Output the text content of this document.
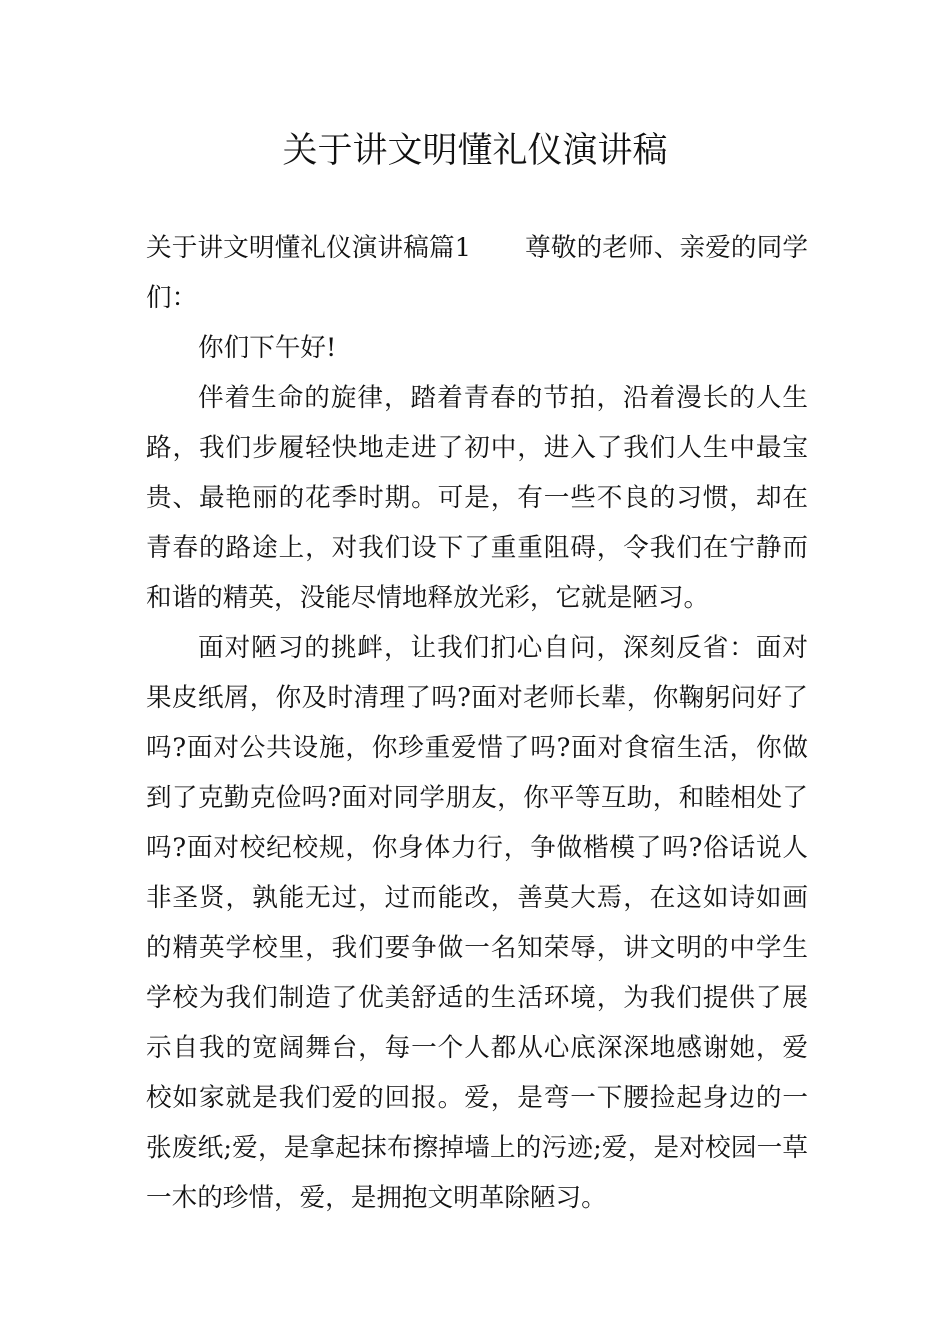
关于讲文明懂礼仪演讲稿

关于讲文明懂礼仪演讲稿篇1 尊敬的老师、亲爱的同学们：

你们下午好!

伴着生命的旋律，踏着青春的节拍，沿着漫长的人生路，我们步履轻快地走进了初中，进入了我们人生中最宝贵、最艳丽的花季时期。可是，有一些不良的习惯，却在青春的路途上，对我们设下了重重阻碍，令我们在宁静而和谐的精英，没能尽情地释放光彩，它就是陋习。

面对陋习的挑衅，让我们扪心自问，深刻反省：面对果皮纸屑，你及时清理了吗?面对老师长辈，你鞠躬问好了吗?面对公共设施，你珍重爱惜了吗?面对食宿生活，你做到了克勤克俭吗?面对同学朋友，你平等互助，和睦相处了吗?面对校纪校规，你身体力行，争做楷模了吗?俗话说人非圣贤，孰能无过，过而能改，善莫大焉，在这如诗如画的精英学校里，我们要争做一名知荣辱，讲文明的中学生学校为我们制造了优美舒适的生活环境，为我们提供了展示自我的宽阔舞台，每一个人都从心底深深地感谢她，爱校如家就是我们爱的回报。爱，是弯一下腰捡起身边的一张废纸;爱，是拿起抹布擦掉墙上的污迹;爱，是对校园一草一木的珍惜，爱，是拥抱文明革除陋习。
